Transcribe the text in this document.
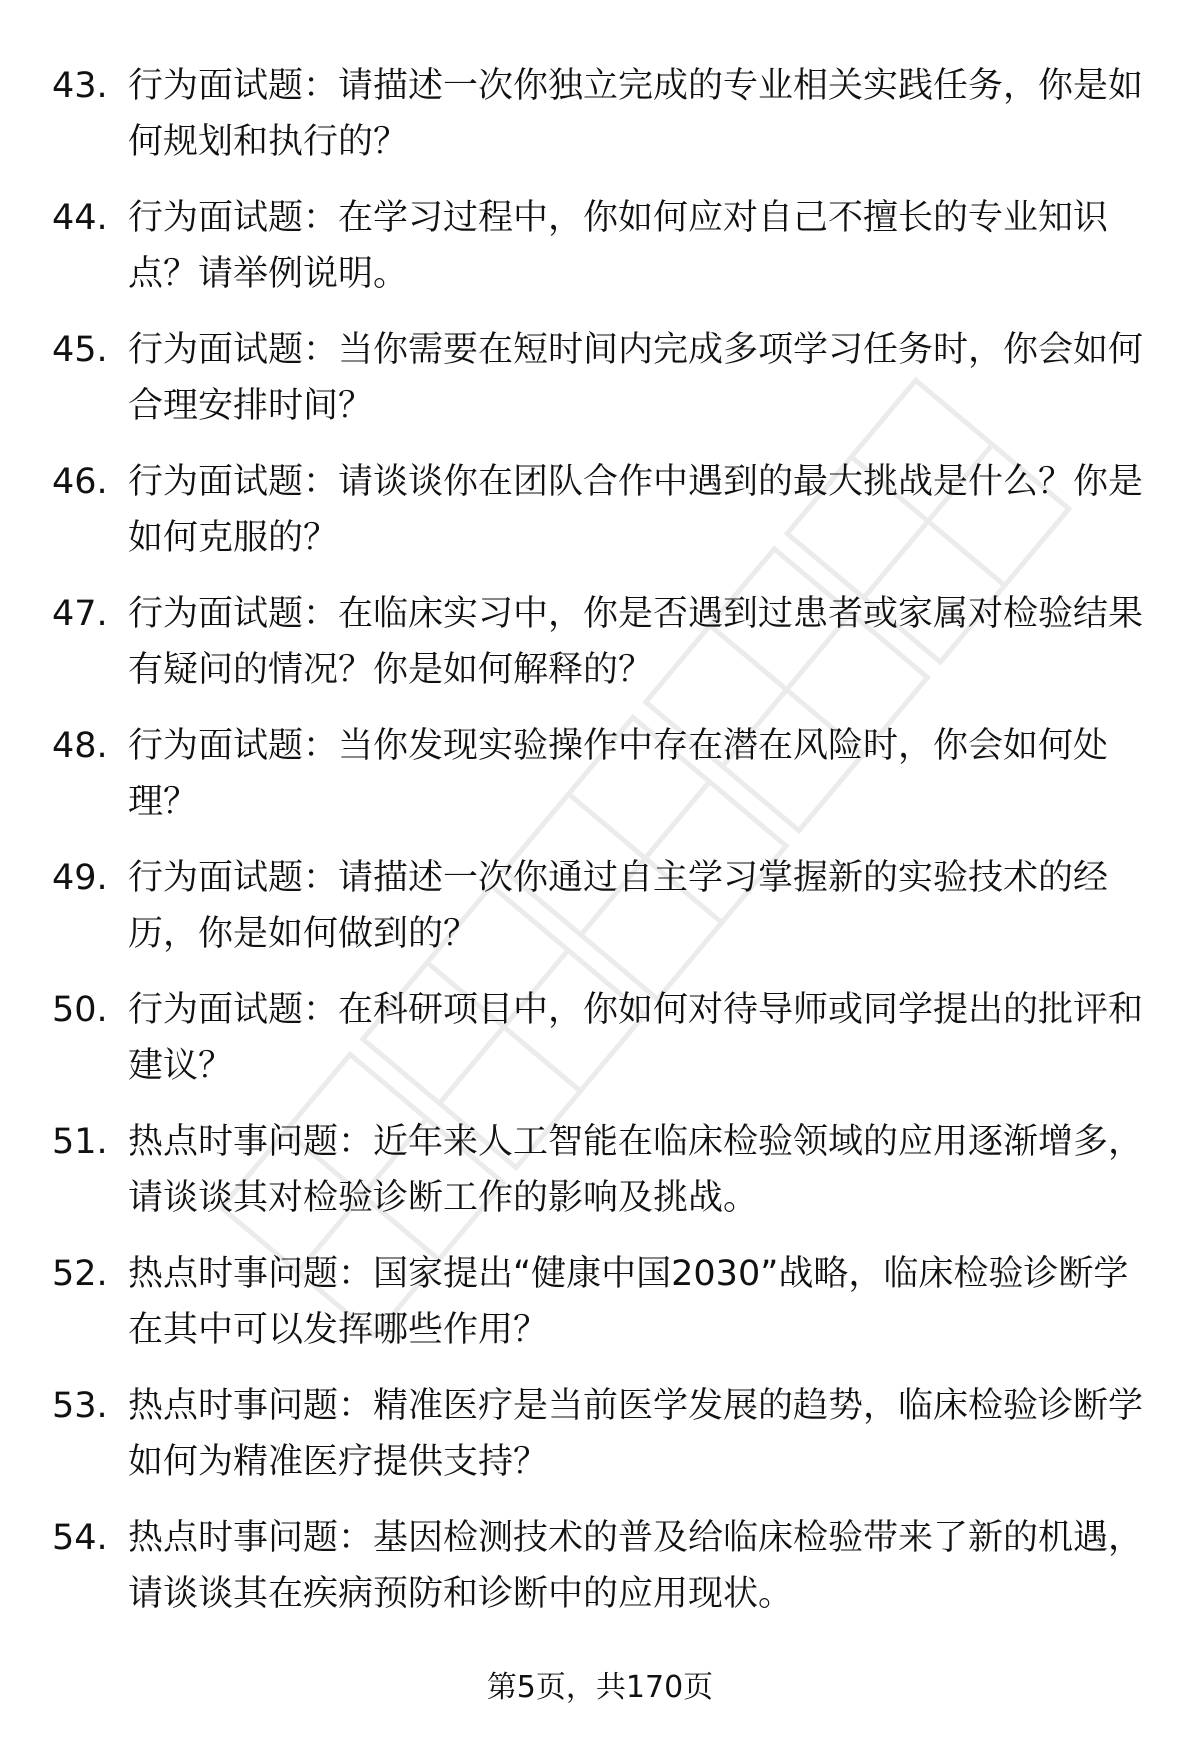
43. 行为面试题：请描述一次你独立完成的专业相关实践任务，你是如何规划和执行的？
44. 行为面试题：在学习过程中，你如何应对自己不擅长的专业知识点？请举例说明。
45. 行为面试题：当你需要在短时间内完成多项学习任务时，你会如何合理安排时间？
46. 行为面试题：请谈谈你在团队合作中遇到的最大挑战是什么？你是如何克服的？
47. 行为面试题：在临床实习中，你是否遇到过患者或家属对检验结果有疑问的情况？你是如何解释的？
48. 行为面试题：当你发现实验操作中存在潜在风险时，你会如何处理？
49. 行为面试题：请描述一次你通过自主学习掌握新的实验技术的经历，你是如何做到的？
50. 行为面试题：在科研项目中，你如何对待导师或同学提出的批评和建议？
51. 热点时事问题：近年来人工智能在临床检验领域的应用逐渐增多，请谈谈其对检验诊断工作的影响及挑战。
52. 热点时事问题：国家提出“健康中国2030”战略，临床检验诊断学在其中可以发挥哪些作用？
53. 热点时事问题：精准医疗是当前医学发展的趋势，临床检验诊断学如何为精准医疗提供支持？
54. 热点时事问题：基因检测技术的普及给临床检验带来了新的机遇，请谈谈其在疾病预防和诊断中的应用现状。
第5页，共170页
